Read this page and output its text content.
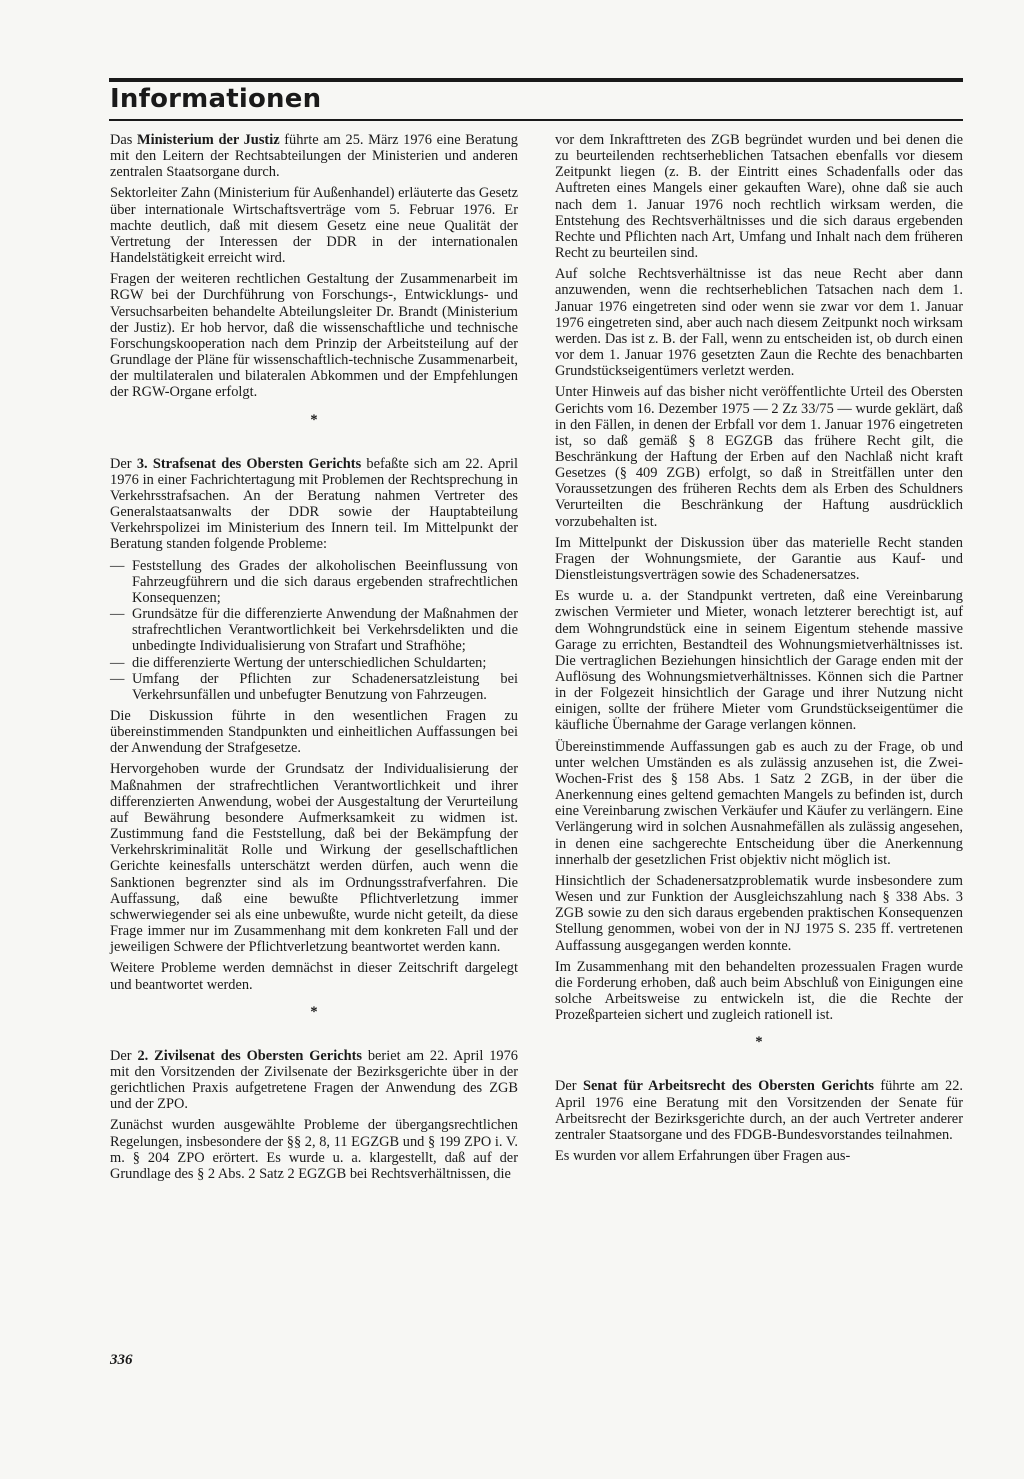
Informationen

Das Ministerium der Justiz führte am 25. März 1976 eine Beratung mit den Leitern der Rechtsabteilungen der Ministerien und anderen zentralen Staatsorgane durch.

Sektorleiter Zahn (Ministerium für Außenhandel) erläuterte das Gesetz über internationale Wirtschaftsverträge vom 5. Februar 1976. Er machte deutlich, daß mit diesem Gesetz eine neue Qualität der Vertretung der Interessen der DDR in der internationalen Handelstätigkeit erreicht wird.

Fragen der weiteren rechtlichen Gestaltung der Zusammenarbeit im RGW bei der Durchführung von Forschungs-, Entwicklungs- und Versuchsarbeiten behandelte Abteilungsleiter Dr. Brandt (Ministerium der Justiz). Er hob hervor, daß die wissenschaftliche und technische Forschungskooperation nach dem Prinzip der Arbeitsteilung auf der Grundlage der Pläne für wissenschaftlich-technische Zusammenarbeit, der multilateralen und bilateralen Abkommen und der Empfehlungen der RGW-Organe erfolgt.

*

Der 3. Strafsenat des Obersten Gerichts befaßte sich am 22. April 1976 in einer Fachrichtertagung mit Problemen der Rechtsprechung in Verkehrsstrafsachen. An der Beratung nahmen Vertreter des Generalstaatsanwalts der DDR sowie der Hauptabteilung Verkehrspolizei im Ministerium des Innern teil. Im Mittelpunkt der Beratung standen folgende Probleme:

— Feststellung des Grades der alkoholischen Beeinflussung von Fahrzeugführern und die sich daraus ergebenden strafrechtlichen Konsequenzen;
— Grundsätze für die differenzierte Anwendung der Maßnahmen der strafrechtlichen Verantwortlichkeit bei Verkehrsdelikten und die unbedingte Individualisierung von Strafart und Strafhöhe;
— die differenzierte Wertung der unterschiedlichen Schuldarten;
— Umfang der Pflichten zur Schadenersatzleistung bei Verkehrsunfällen und unbefugter Benutzung von Fahrzeugen.

Die Diskussion führte in den wesentlichen Fragen zu übereinstimmenden Standpunkten und einheitlichen Auffassungen bei der Anwendung der Strafgesetze.

Hervorgehoben wurde der Grundsatz der Individualisierung der Maßnahmen der strafrechtlichen Verantwortlichkeit und ihrer differenzierten Anwendung, wobei der Ausgestaltung der Verurteilung auf Bewährung besondere Aufmerksamkeit zu widmen ist. Zustimmung fand die Feststellung, daß bei der Bekämpfung der Verkehrskriminalität Rolle und Wirkung der gesellschaftlichen Gerichte keinesfalls unterschätzt werden dürfen, auch wenn die Sanktionen begrenzter sind als im Ordnungsstrafverfahren. Die Auffassung, daß eine bewußte Pflichtverletzung immer schwerwiegender sei als eine unbewußte, wurde nicht geteilt, da diese Frage immer nur im Zusammenhang mit dem konkreten Fall und der jeweiligen Schwere der Pflichtverletzung beantwortet werden kann.

Weitere Probleme werden demnächst in dieser Zeitschrift dargelegt und beantwortet werden.

*

Der 2. Zivilsenat des Obersten Gerichts beriet am 22. April 1976 mit den Vorsitzenden der Zivilsenate der Bezirksgerichte über in der gerichtlichen Praxis aufgetretene Fragen der Anwendung des ZGB und der ZPO.

Zunächst wurden ausgewählte Probleme der übergangsrechtlichen Regelungen, insbesondere der §§ 2, 8, 11 EGZGB und § 199 ZPO i. V. m. § 204 ZPO erörtert. Es wurde u. a. klargestellt, daß auf der Grundlage des § 2 Abs. 2 Satz 2 EGZGB bei Rechtsverhältnissen, die

vor dem Inkrafttreten des ZGB begründet wurden und bei denen die zu beurteilenden rechtserheblichen Tatsachen ebenfalls vor diesem Zeitpunkt liegen (z. B. der Eintritt eines Schadenfalls oder das Auftreten eines Mangels einer gekauften Ware), ohne daß sie auch nach dem 1. Januar 1976 noch rechtlich wirksam werden, die Entstehung des Rechtsverhältnisses und die sich daraus ergebenden Rechte und Pflichten nach Art, Umfang und Inhalt nach dem früheren Recht zu beurteilen sind.

Auf solche Rechtsverhältnisse ist das neue Recht aber dann anzuwenden, wenn die rechtserheblichen Tatsachen nach dem 1. Januar 1976 eingetreten sind oder wenn sie zwar vor dem 1. Januar 1976 eingetreten sind, aber auch nach diesem Zeitpunkt noch wirksam werden. Das ist z. B. der Fall, wenn zu entscheiden ist, ob durch einen vor dem 1. Januar 1976 gesetzten Zaun die Rechte des benachbarten Grundstückseigentümers verletzt werden.

Unter Hinweis auf das bisher nicht veröffentlichte Urteil des Obersten Gerichts vom 16. Dezember 1975 — 2 Zz 33/75 — wurde geklärt, daß in den Fällen, in denen der Erbfall vor dem 1. Januar 1976 eingetreten ist, so daß gemäß § 8 EGZGB das frühere Recht gilt, die Beschränkung der Haftung der Erben auf den Nachlaß nicht kraft Gesetzes (§ 409 ZGB) erfolgt, so daß in Streitfällen unter den Voraussetzungen des früheren Rechts dem als Erben des Schuldners Verurteilten die Beschränkung der Haftung ausdrücklich vorzubehalten ist.

Im Mittelpunkt der Diskussion über das materielle Recht standen Fragen der Wohnungsmiete, der Garantie aus Kauf- und Dienstleistungsverträgen sowie des Schadenersatzes.

Es wurde u. a. der Standpunkt vertreten, daß eine Vereinbarung zwischen Vermieter und Mieter, wonach letzterer berechtigt ist, auf dem Wohngrundstück eine in seinem Eigentum stehende massive Garage zu errichten, Bestandteil des Wohnungsmietverhältnisses ist. Die vertraglichen Beziehungen hinsichtlich der Garage enden mit der Auflösung des Wohnungsmietverhältnisses. Können sich die Partner in der Folgezeit hinsichtlich der Garage und ihrer Nutzung nicht einigen, sollte der frühere Mieter vom Grundstückseigentümer die käufliche Übernahme der Garage verlangen können.

Übereinstimmende Auffassungen gab es auch zu der Frage, ob und unter welchen Umständen es als zulässig anzusehen ist, die Zwei-Wochen-Frist des § 158 Abs. 1 Satz 2 ZGB, in der über die Anerkennung eines geltend gemachten Mangels zu befinden ist, durch eine Vereinbarung zwischen Verkäufer und Käufer zu verlängern. Eine Verlängerung wird in solchen Ausnahmefällen als zulässig angesehen, in denen eine sachgerechte Entscheidung über die Anerkennung innerhalb der gesetzlichen Frist objektiv nicht möglich ist.

Hinsichtlich der Schadenersatzproblematik wurde insbesondere zum Wesen und zur Funktion der Ausgleichszahlung nach § 338 Abs. 3 ZGB sowie zu den sich daraus ergebenden praktischen Konsequenzen Stellung genommen, wobei von der in NJ 1975 S. 235 ff. vertretenen Auffassung ausgegangen werden konnte.

Im Zusammenhang mit den behandelten prozessualen Fragen wurde die Forderung erhoben, daß auch beim Abschluß von Einigungen eine solche Arbeitsweise zu entwickeln ist, die die Rechte der Prozeßparteien sichert und zugleich rationell ist.

*

Der Senat für Arbeitsrecht des Obersten Gerichts führte am 22. April 1976 eine Beratung mit den Vorsitzenden der Senate für Arbeitsrecht der Bezirksgerichte durch, an der auch Vertreter anderer zentraler Staatsorgane und des FDGB-Bundesvorstandes teilnahmen.

Es wurden vor allem Erfahrungen über Fragen aus-

336
